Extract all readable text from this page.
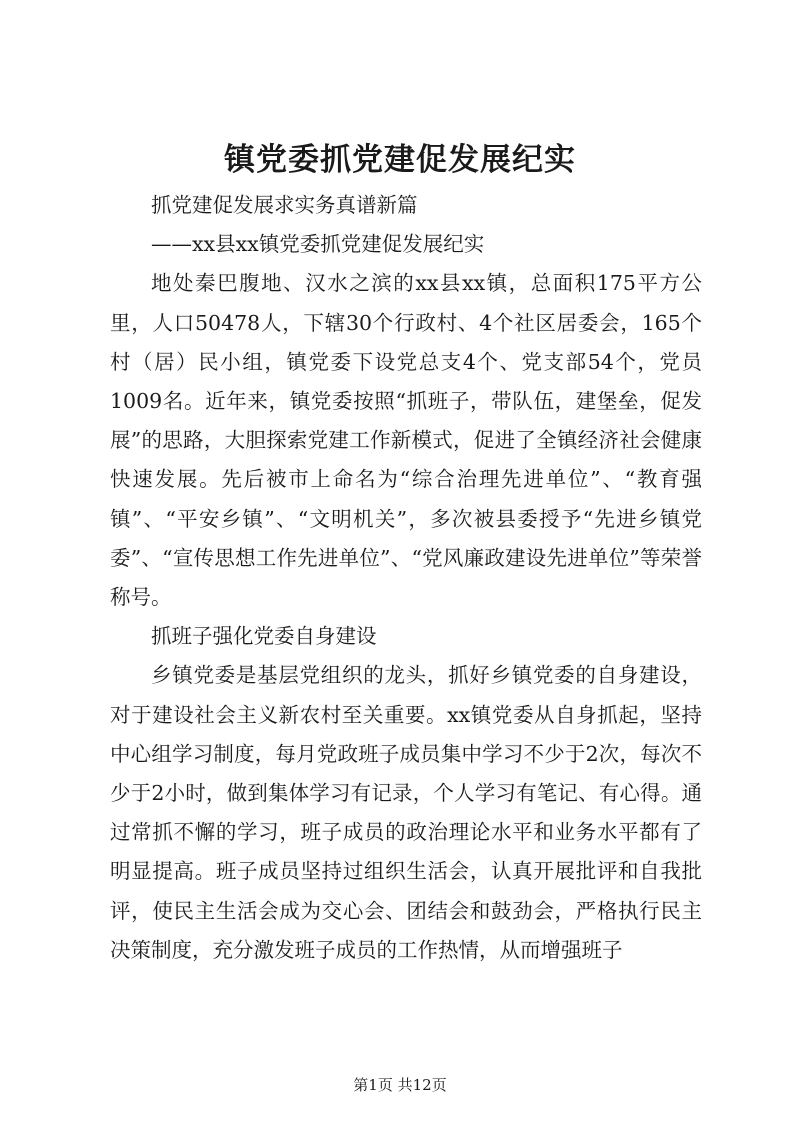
镇党委抓党建促发展纪实

抓党建促发展求实务真谱新篇

——xx县xx镇党委抓党建促发展纪实

地处秦巴腹地、汉水之滨的xx县xx镇，总面积175平方公里，人口50478人，下辖30个行政村、4个社区居委会，165个村（居）民小组，镇党委下设党总支4个、党支部54个，党员1009名。近年来，镇党委按照“抓班子，带队伍，建堡垒，促发展”的思路，大胆探索党建工作新模式，促进了全镇经济社会健康快速发展。先后被市上命名为“综合治理先进单位”、“教育强镇”、“平安乡镇”、“文明机关”，多次被县委授予“先进乡镇党委”、“宣传思想工作先进单位”、“党风廉政建设先进单位”等荣誉称号。

抓班子强化党委自身建设

乡镇党委是基层党组织的龙头，抓好乡镇党委的自身建设，对于建设社会主义新农村至关重要。xx镇党委从自身抓起，坚持中心组学习制度，每月党政班子成员集中学习不少于2次，每次不少于2小时，做到集体学习有记录，个人学习有笔记、有心得。通过常抓不懈的学习，班子成员的政治理论水平和业务水平都有了明显提高。班子成员坚持过组织生活会，认真开展批评和自我批评，使民主生活会成为交心会、团结会和鼓劲会，严格执行民主决策制度，充分激发班子成员的工作热情，从而增强班子

第1页 共12页
